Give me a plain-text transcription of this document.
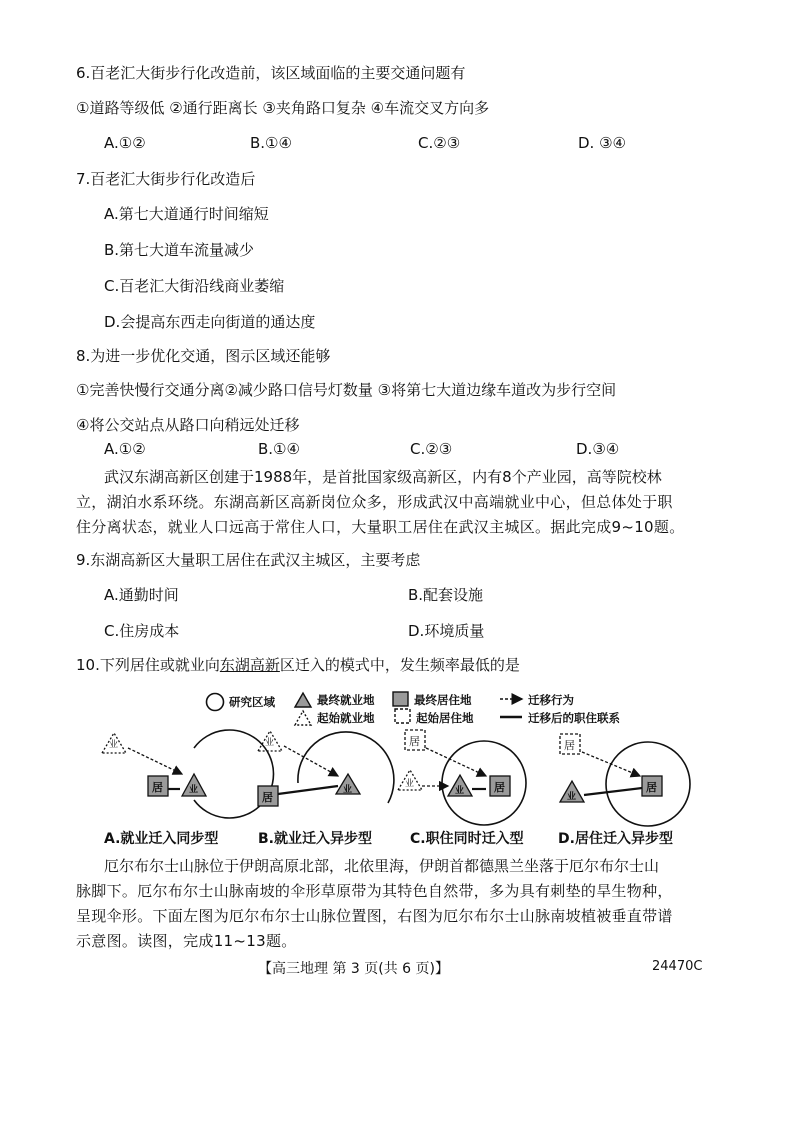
6.百老汇大街步行化改造前，该区域面临的主要交通问题有
①道路等级低 ②通行距离长 ③夹角路口复杂 ④车流交叉方向多
A.①②	B.①④	C.②③	D. ③④
7.百老汇大街步行化改造后
A.第七大道通行时间缩短
B.第七大道车流量减少
C.百老汇大街沿线商业萎缩
D.会提高东西走向街道的通达度
8.为进一步优化交通，图示区域还能够
①完善快慢行交通分离②减少路口信号灯数量 ③将第七大道边缘车道改为步行空间
④将公交站点从路口向稍远处迁移
A.①②	B.①④	C.②③	D.③④
武汉东湖高新区创建于1988年，是首批国家级高新区，内有8个产业园，高等院校林
立，湖泊水系环绕。东湖高新区高新岗位众多，形成武汉中高端就业中心，但总体处于职
住分离状态，就业人口远高于常住人口，大量职工居住在武汉主城区。据此完成9~10题。
9.东湖高新区大量职工居住在武汉主城区，主要考虑
A.通勤时间	B.配套设施
C.住房成本	D.环境质量
10.下列居住或就业向东湖高新区迁入的模式中，发生频率最低的是
研究区域	最终就业地	最终居住地	迁移行为
起始就业地	起始居住地	迁移后的职住联系
业
居	业
业
居
业
居
业
业	居
居
业
居
A.就业迁入同步型	B.就业迁入异步型	C.职住同时迁入型 D.居住迁入异步型
厄尔布尔士山脉位于伊朗高原北部，北依里海，伊朗首都德黑兰坐落于厄尔布尔士山
脉脚下。厄尔布尔士山脉南坡的伞形草原带为其特色自然带，多为具有刺垫的旱生物种，
呈现伞形。下面左图为厄尔布尔士山脉位置图，右图为厄尔布尔士山脉南坡植被垂直带谱
示意图。读图，完成11~13题。
【高三地理 第 3 页(共 6 页)】	24470C
